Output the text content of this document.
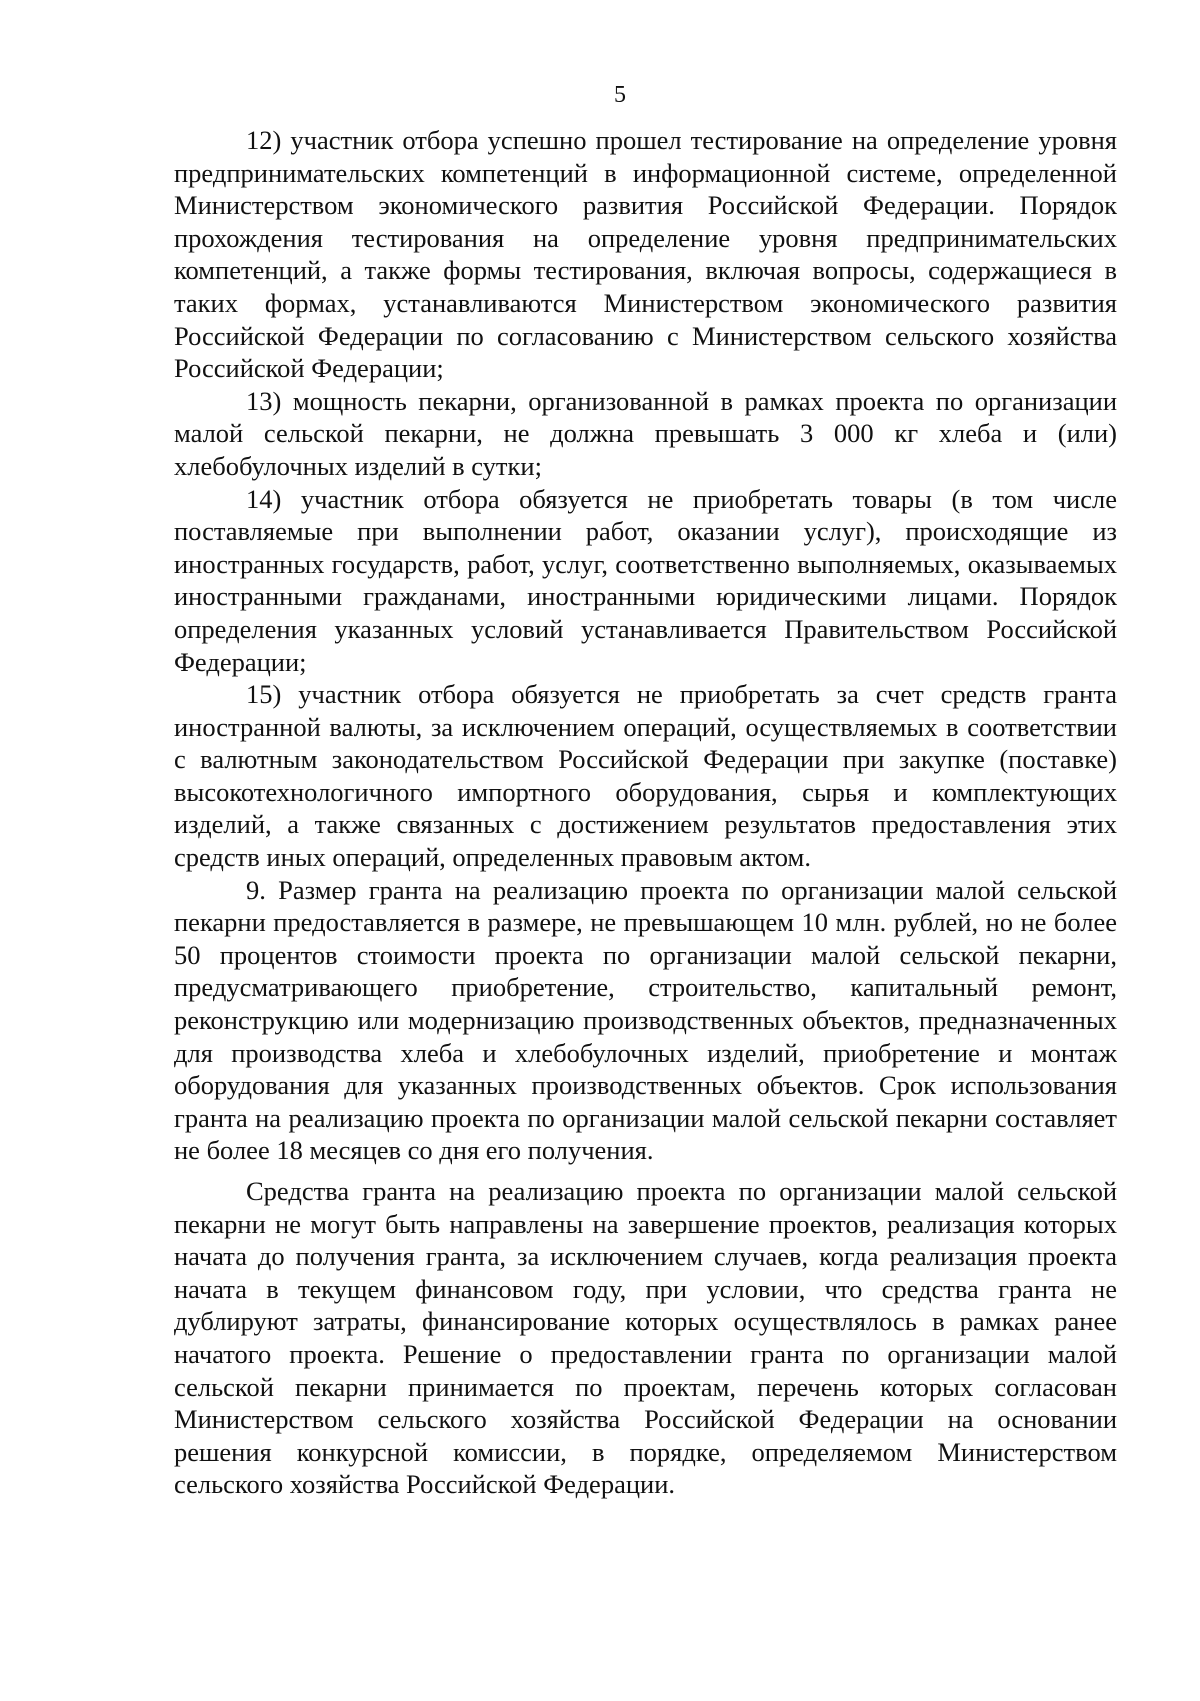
5

12) участник отбора успешно прошел тестирование на определение уровня предпринимательских компетенций в информационной системе, определенной Министерством экономического развития Российской Федерации. Порядок прохождения тестирования на определение уровня предпринимательских компетенций, а также формы тестирования, включая вопросы, содержащиеся в таких формах, устанавливаются Министерством экономического развития Российской Федерации по согласованию с Министерством сельского хозяйства Российской Федерации;

13) мощность пекарни, организованной в рамках проекта по организации малой сельской пекарни, не должна превышать 3 000 кг хлеба и (или) хлебобулочных изделий в сутки;

14) участник отбора обязуется не приобретать товары (в том числе поставляемые при выполнении работ, оказании услуг), происходящие из иностранных государств, работ, услуг, соответственно выполняемых, оказываемых иностранными гражданами, иностранными юридическими лицами. Порядок определения указанных условий устанавливается Правительством Российской Федерации;

15) участник отбора обязуется не приобретать за счет средств гранта иностранной валюты, за исключением операций, осуществляемых в соответствии с валютным законодательством Российской Федерации при закупке (поставке) высокотехнологичного импортного оборудования, сырья и комплектующих изделий, а также связанных с достижением результатов предоставления этих средств иных операций, определенных правовым актом.

9. Размер гранта на реализацию проекта по организации малой сельской пекарни предоставляется в размере, не превышающем 10 млн. рублей, но не более 50 процентов стоимости проекта по организации малой сельской пекарни, предусматривающего приобретение, строительство, капитальный ремонт, реконструкцию или модернизацию производственных объектов, предназначенных для производства хлеба и хлебобулочных изделий, приобретение и монтаж оборудования для указанных производственных объектов. Срок использования гранта на реализацию проекта по организации малой сельской пекарни составляет не более 18 месяцев со дня его получения.

Средства гранта на реализацию проекта по организации малой сельской пекарни не могут быть направлены на завершение проектов, реализация которых начата до получения гранта, за исключением случаев, когда реализация проекта начата в текущем финансовом году, при условии, что средства гранта не дублируют затраты, финансирование которых осуществлялось в рамках ранее начатого проекта. Решение о предоставлении гранта по организации малой сельской пекарни принимается по проектам, перечень которых согласован Министерством сельского хозяйства Российской Федерации на основании решения конкурсной комиссии, в порядке, определяемом Министерством сельского хозяйства Российской Федерации.
